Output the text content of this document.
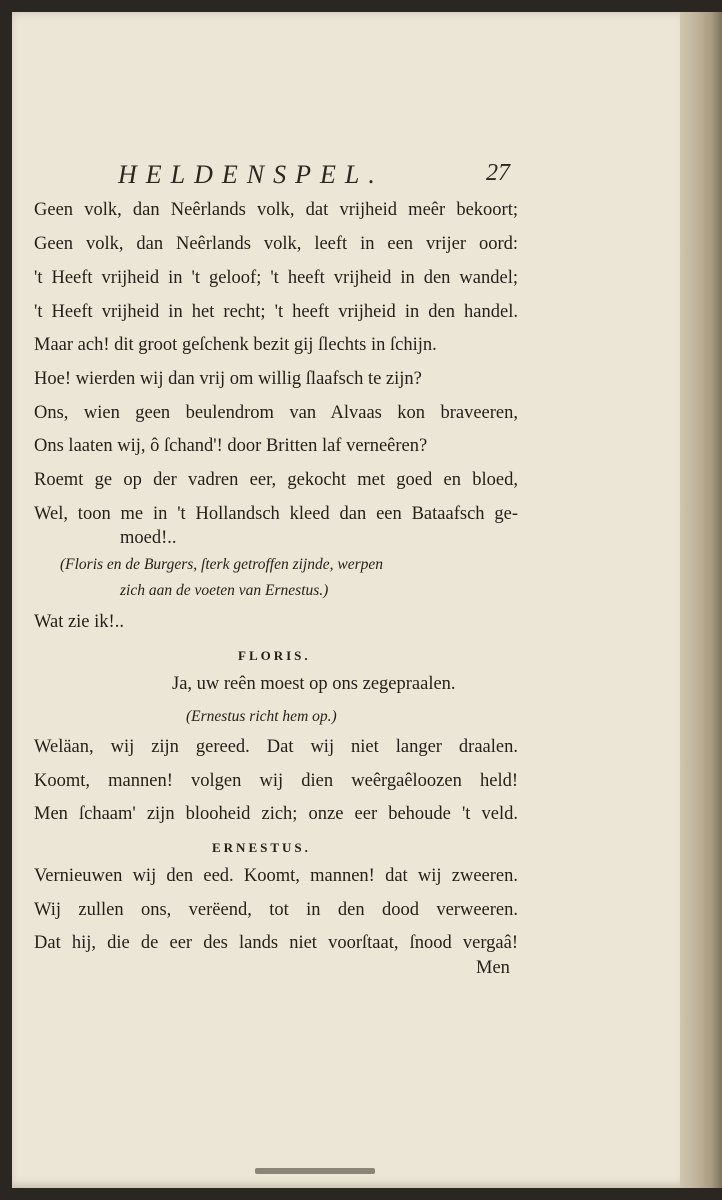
HELDENSPEL.	27
Geen volk, dan Neêrlands volk, dat vrijheid meêr bekoort;
Geen volk, dan Neêrlands volk, leeft in een vrijer oord:
't Heeft vrijheid in 't geloof; 't heeft vrijheid in den wandel;
't Heeft vrijheid in het recht; 't heeft vrijheid in den handel.
Maar ach! dit groot geſchenk bezit gij ſlechts in ſchijn.
Hoe! wierden wij dan vrij om willig ſlaafsch te zijn?
Ons, wien geen beulendrom van Alvaas kon braveeren,
Ons laaten wij, ô ſchand'! door Britten laf verneêren?
Roemt ge op der vadren eer, gekocht met goed en bloed,
Wel, toon me in 't Hollandsch kleed dan een Bataafsch ge-
moed!..
(Floris en de Burgers, ſterk getroffen zijnde, werpen
zich aan de voeten van Ernestus.)
Wat zie ik!..
FLORIS.
Ja, uw reên moest op ons zegepraalen.
(Ernestus richt hem op.)
Weläan, wij zijn gereed. Dat wij niet langer draalen.
Koomt, mannen! volgen wij dien weêrgaêloozen held!
Men ſchaam' zijn blooheid zich; onze eer behoude 't veld.
ERNESTUS.
Vernieuwen wij den eed. Koomt, mannen! dat wij zweeren.
Wij zullen ons, verëend, tot in den dood verweeren.
Dat hij, die de eer des lands niet voorſtaat, ſnood vergaâ!
Men
